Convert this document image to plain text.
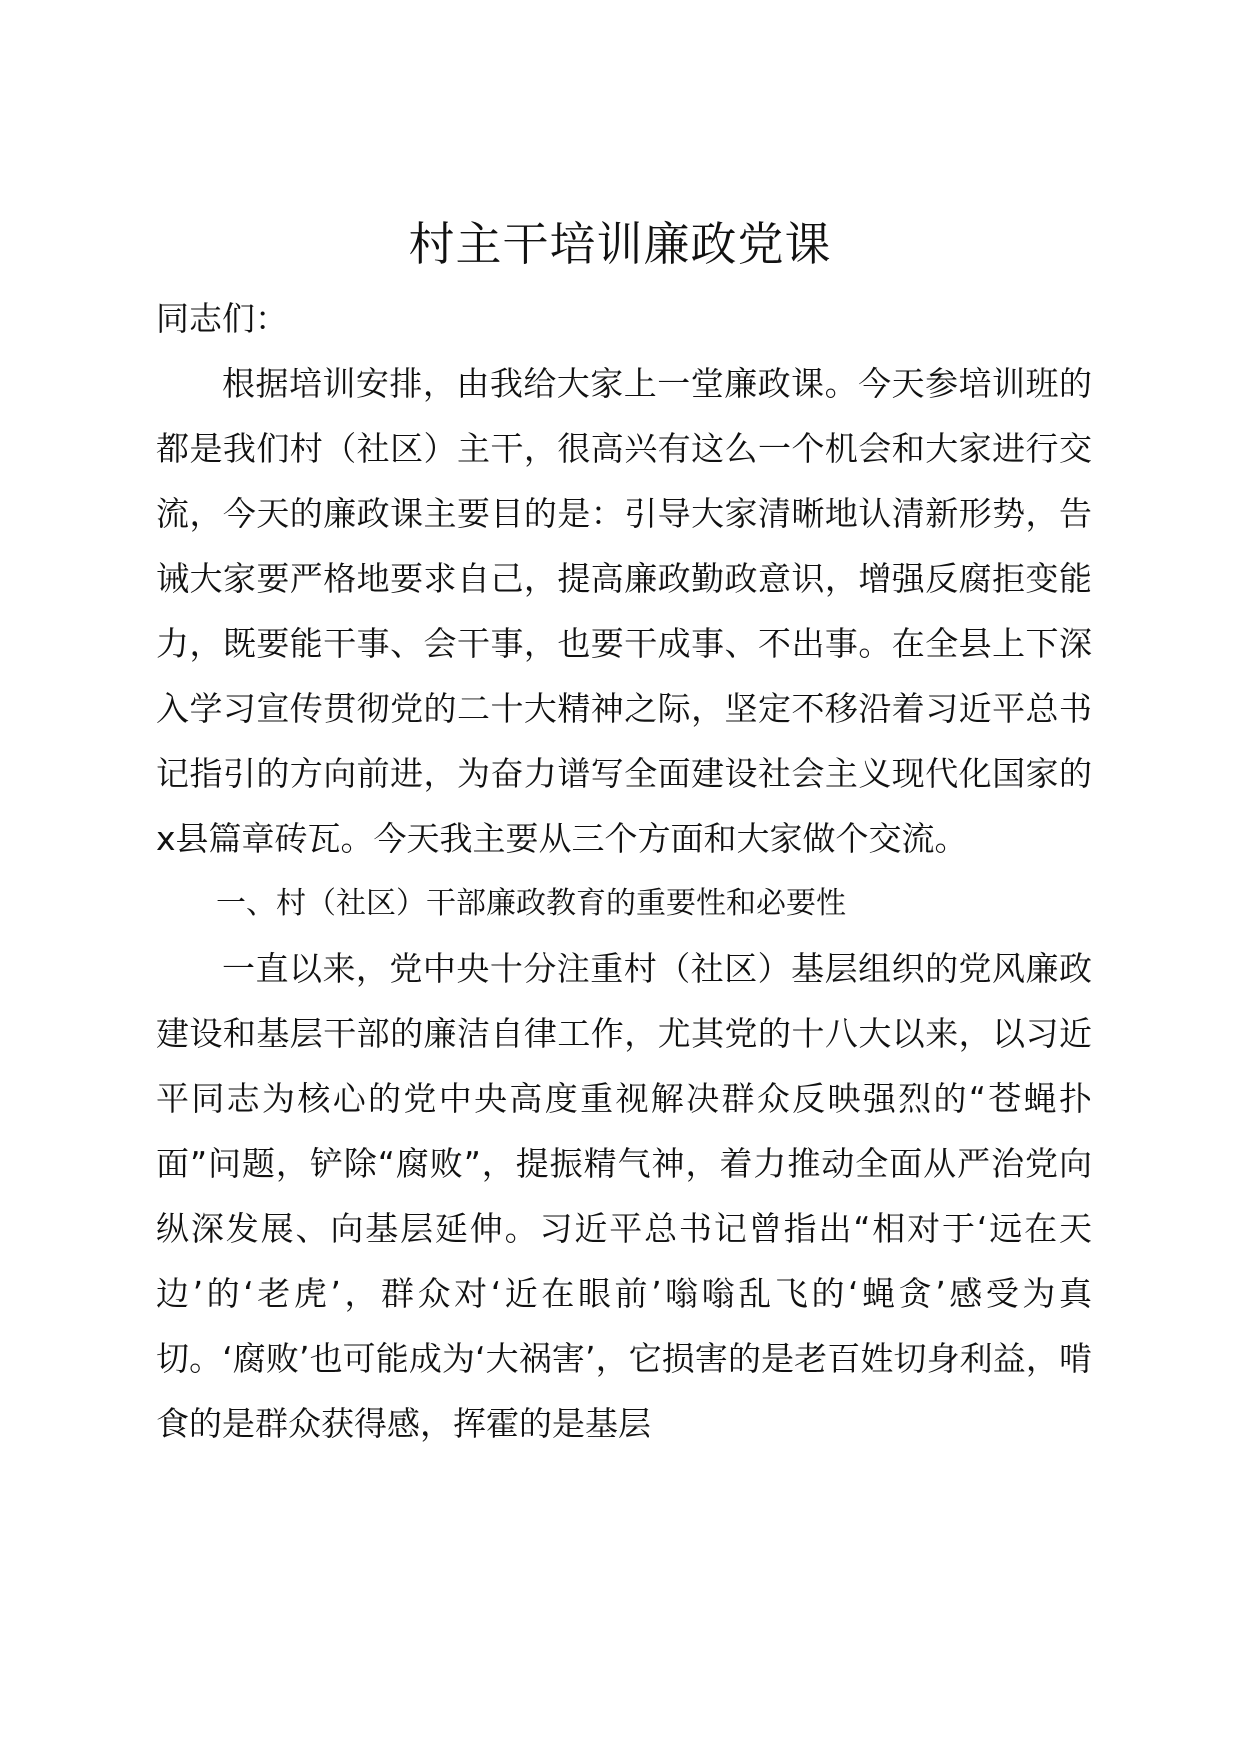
村主干培训廉政党课

同志们：

根据培训安排，由我给大家上一堂廉政课。今天参培训班的都是我们村（社区）主干，很高兴有这么一个机会和大家进行交流，今天的廉政课主要目的是：引导大家清晰地认清新形势，告诫大家要严格地要求自己，提高廉政勤政意识，增强反腐拒变能力，既要能干事、会干事，也要干成事、不出事。在全县上下深入学习宣传贯彻党的二十大精神之际，坚定不移沿着习近平总书记指引的方向前进，为奋力谱写全面建设社会主义现代化国家的x县篇章砖瓦。今天我主要从三个方面和大家做个交流。

一、村（社区）干部廉政教育的重要性和必要性

一直以来，党中央十分注重村（社区）基层组织的党风廉政建设和基层干部的廉洁自律工作，尤其党的十八大以来，以习近平同志为核心的党中央高度重视解决群众反映强烈的“苍蝇扑面”问题，铲除“腐败”，提振精气神，着力推动全面从严治党向纵深发展、向基层延伸。习近平总书记曾指出“相对于‘远在天边’的‘老虎’，群众对‘近在眼前’嗡嗡乱飞的‘蝇贪’感受为真切。‘腐败’也可能成为‘大祸害’，它损害的是老百姓切身利益，啃食的是群众获得感，挥霍的是基层
